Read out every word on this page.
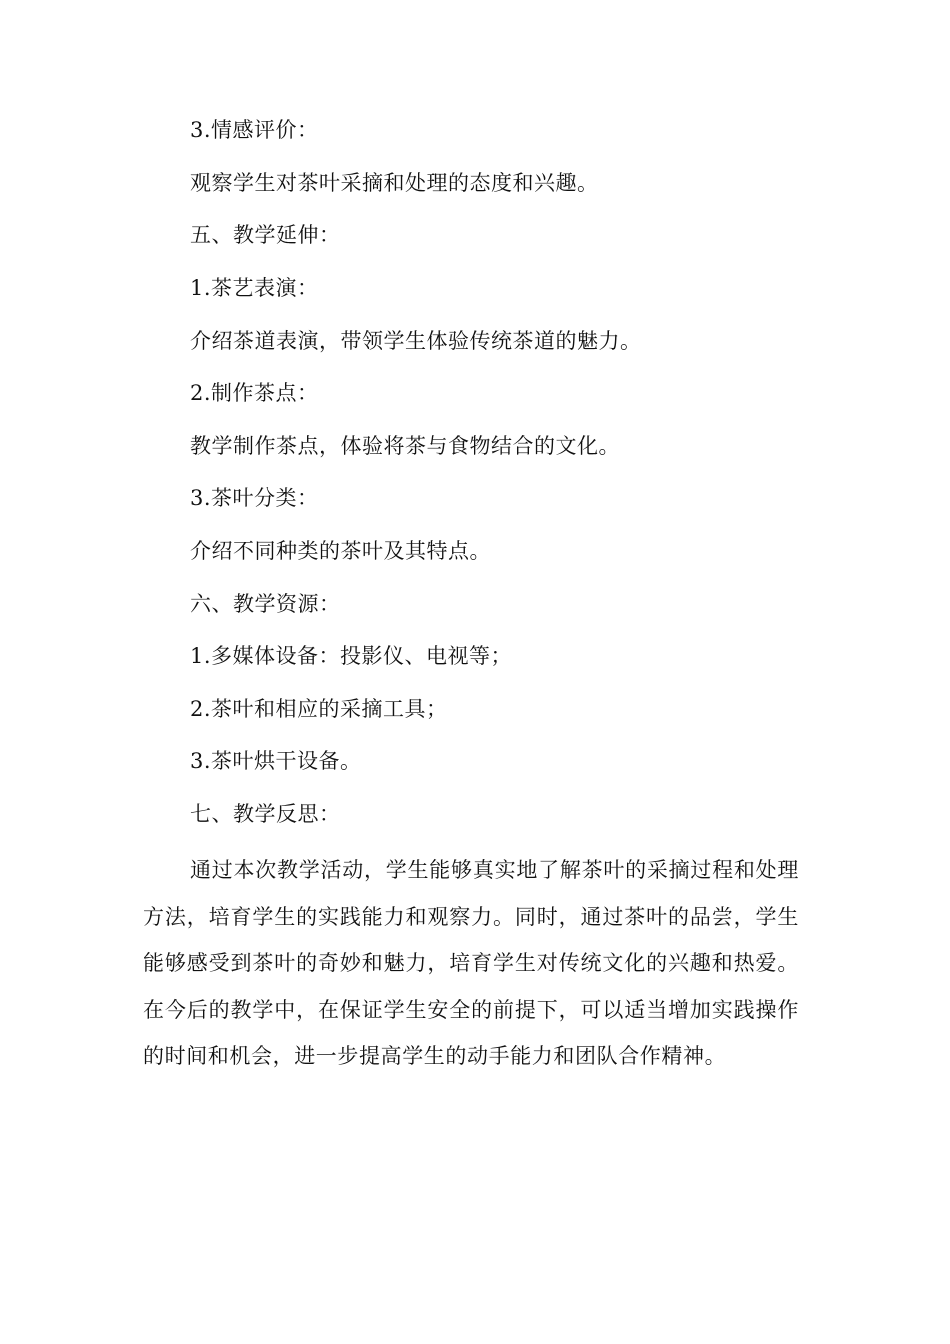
3.情感评价：
观察学生对茶叶采摘和处理的态度和兴趣。
五、教学延伸：
1.茶艺表演：
介绍茶道表演，带领学生体验传统茶道的魅力。
2.制作茶点：
教学制作茶点，体验将茶与食物结合的文化。
3.茶叶分类：
介绍不同种类的茶叶及其特点。
六、教学资源：
1.多媒体设备：投影仪、电视等；
2.茶叶和相应的采摘工具；
3.茶叶烘干设备。
七、教学反思：
通过本次教学活动，学生能够真实地了解茶叶的采摘过程和处理方法，培育学生的实践能力和观察力。同时，通过茶叶的品尝，学生能够感受到茶叶的奇妙和魅力，培育学生对传统文化的兴趣和热爱。在今后的教学中，在保证学生安全的前提下，可以适当增加实践操作的时间和机会，进一步提高学生的动手能力和团队合作精神。
